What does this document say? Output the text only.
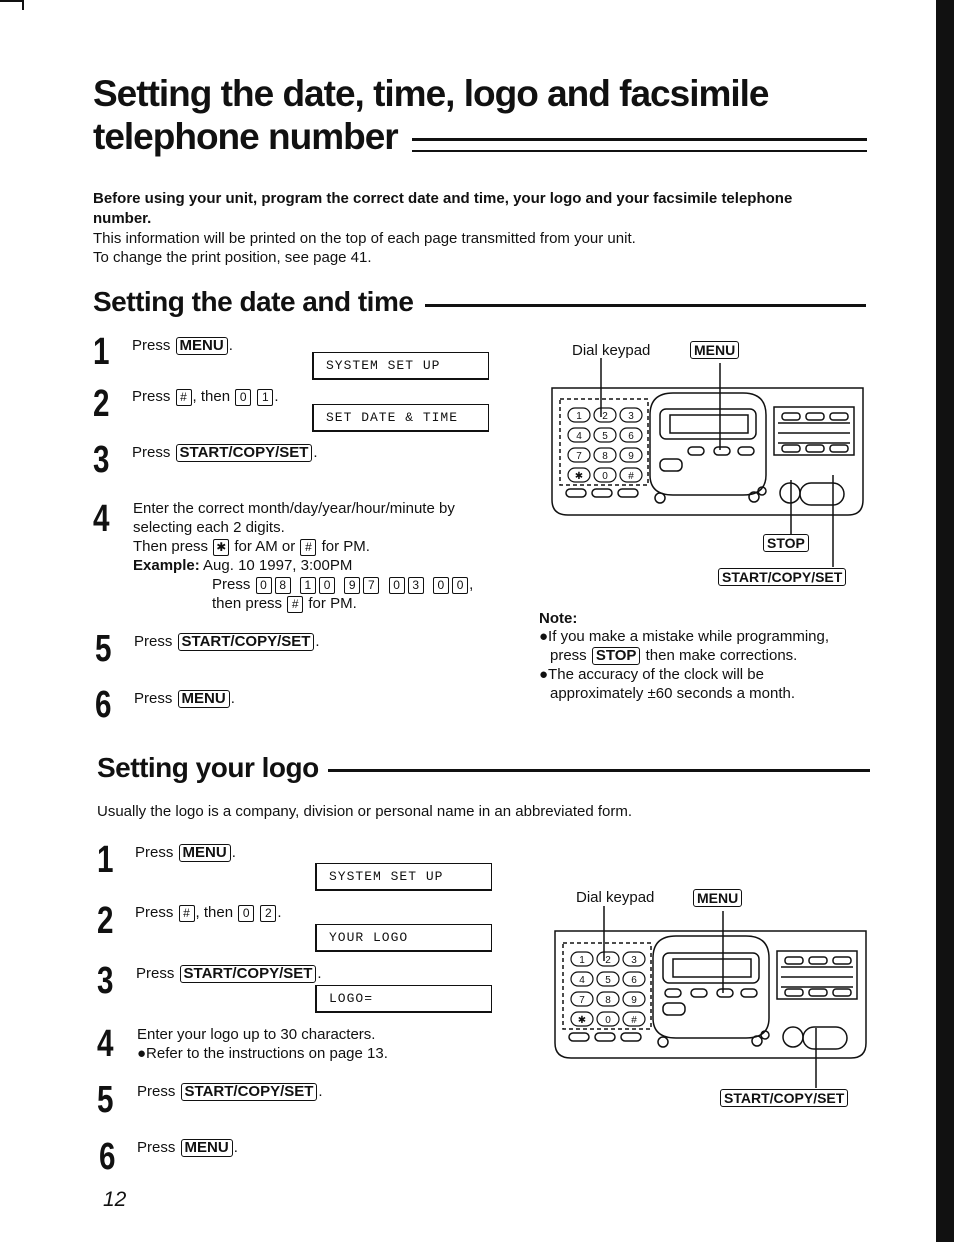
Setting the date, time, logo and facsimile
telephone number
Before using your unit, program the correct date and time, your logo and your facsimile telephone number.
This information will be printed on the top of each page transmitted from your unit.
To change the print position, see page 41.
Setting the date and time
1 Press MENU .
SYSTEM SET UP
2 Press # , then 0 1 .
SET DATE & TIME
3 Press START/COPY/SET .
4 Enter the correct month/day/year/hour/minute by
selecting each 2 digits.
Then press ✱ for AM or # for PM.
Example: Aug. 10 1997, 3:00PM
Press 0 8 1 0 9 7 0 3 0 0 ,
then press # for PM.
5 Press START/COPY/SET .
6 Press MENU .
Dial keypad	MENU
STOP
START/COPY/SET
1 2 3
4 5 6
7 8 9
✱ 0 #
Note:
●If you make a mistake while programming,
press STOP then make corrections.
●The accuracy of the clock will be
approximately ±60 seconds a month.
Setting your logo
Usually the logo is a company, division or personal name in an abbreviated form.
1 Press MENU .
SYSTEM SET UP
2 Press # , then 0 2 .
YOUR LOGO
3 Press START/COPY/SET .
LOGO=
4 Enter your logo up to 30 characters.
●Refer to the instructions on page 13.
5 Press START/COPY/SET .
6 Press MENU .
Dial keypad	MENU
START/COPY/SET
1 2 3
4 5 6
7 8 9
✱ 0 #
12
